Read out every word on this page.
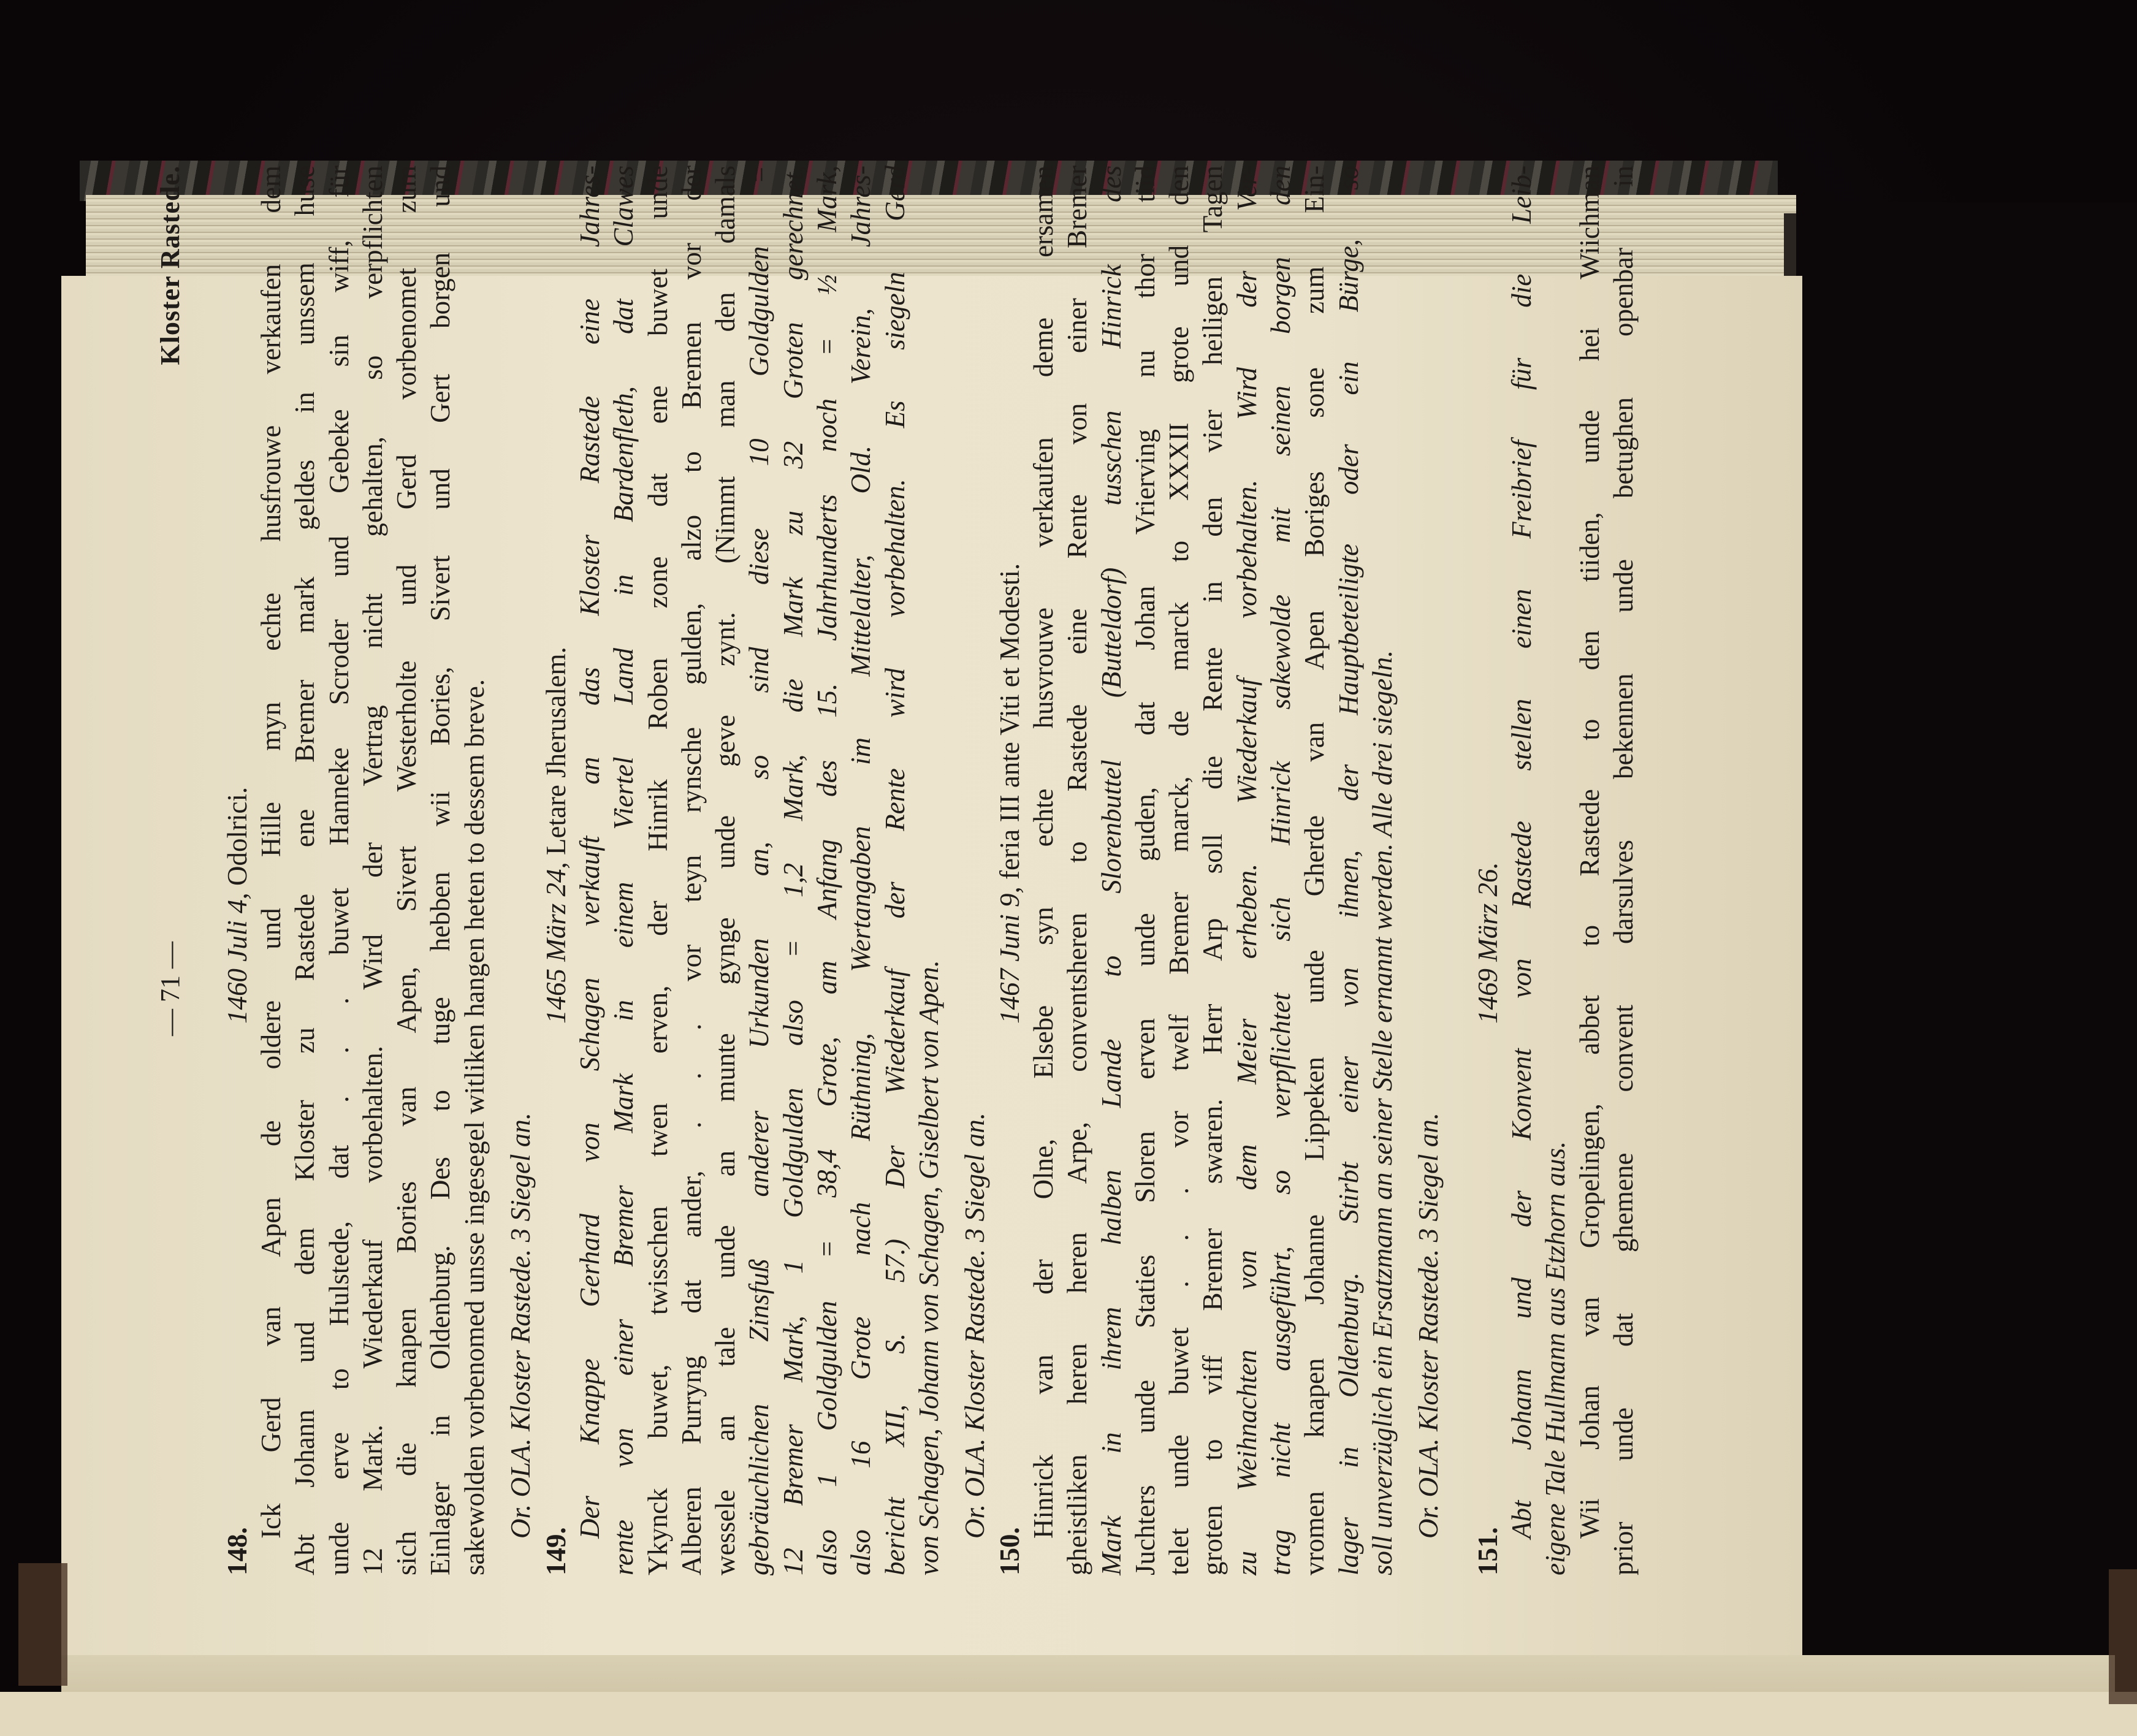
— 71 —
Kloster Rastede.
148.
1460 Juli 4, Odolrici. Ick Gerd van Apen de oldere und Hille myn echte husfrouwe verkaufen dem Abt Johann und dem Kloster zu Rastede ene Bremer mark geldes in unssem huse unde erve to Hulstede, dat . . . buwet Hanneke Scroder und Gebeke sin wiff, für 12 Mark. Wiederkauf vorbehalten. Wird der Vertrag nicht gehalten, so verpflichten sich die knapen Bories van Apen, Sivert Westerholte und Gerd vorbenomet zum Einlager in Oldenburg. Des to tuge hebben wii Bories, Sivert und Gert borgen und sakewolden vorbenomed unsse ingesegel witliken hangen heten to dessem breve. Or. OLA. Kloster Rastede. 3 Siegel an.
149.
1465 März 24, Letare Jherusalem. Der Knappe Gerhard von Schagen verkauft an das Kloster Rastede eine Jahres- rente von einer Bremer Mark in einem Viertel Land in Bardenfleth, dat Clawes Ykynck buwet, twisschen twen erven, der Hinrik Roben zone dat ene buwet unde Alberen Purryng dat ander, . . . vor teyn rynsche gulden, alzo to Bremen vor der wessele an tale unde an munte gynge unde geve zynt. (Nimmt man den damals gebräuchlichen Zinsfuß anderer Urkunden an, so sind diese 10 Goldgulden = 12 Bremer Mark, 1 Goldgulden also = 1,2 Mark, die Mark zu 32 Groten gerechnet, also 1 Goldgulden = 38,4 Grote, am Anfang des 15. Jahrhunderts noch = ½ Mark, also 16 Grote nach Rüthning, Wertangaben im Mittelalter, Old. Verein, Jahres- bericht XII, S. 57.) Der Wiederkauf der Rente wird vorbehalten. Es siegeln Gerd von Schagen, Johann von Schagen, Giselbert von Apen. Or. OLA. Kloster Rastede. 3 Siegel an.
150.
1467 Juni 9, feria III ante Viti et Modesti. Hinrick van der Olne, Elsebe syn echte husvrouwe verkaufen deme ersamen gheistliken heren heren Arpe, conventsheren to Rastede eine Rente von einer Bremer Mark in ihrem halben Lande to Slorenbuttel (Butteldorf) tusschen Hinrick des Juchters unde Staties Sloren erven unde guden, dat Johan Vrierving nu thor tiid telet unde buwet . . . vor twelf Bremer marck, de marck to XXXII grote und den groten to viff Bremer swaren. Herr Arp soll die Rente in den vier heiligen Tagen zu Weihnachten von dem Meier erheben. Wiederkauf vorbehalten. Wird der Ver- trag nicht ausgeführt, so verpflichtet sich Hinrick sakewolde mit seinen borgen den vromen knapen Johanne Lippeken unde Gherde van Apen Boriges sone zum Ein- lager in Oldenburg. Stirbt einer von ihnen, der Hauptbeteiligte oder ein Bürge, so soll unverzüglich ein Ersatzmann an seiner Stelle ernannt werden. Alle drei siegeln. Or. OLA. Kloster Rastede. 3 Siegel an.
151.
1469 März 26. Abt Johann und der Konvent von Rastede stellen einen Freibrief für die Leib- eigene Tale Hullmann aus Etzhorn aus. Wii Johan van Gropelingen, abbet to Rastede to den tiiden, unde hei Wiichman prior unde dat ghemene convent darsulves bekennen unde betughen openbar in
